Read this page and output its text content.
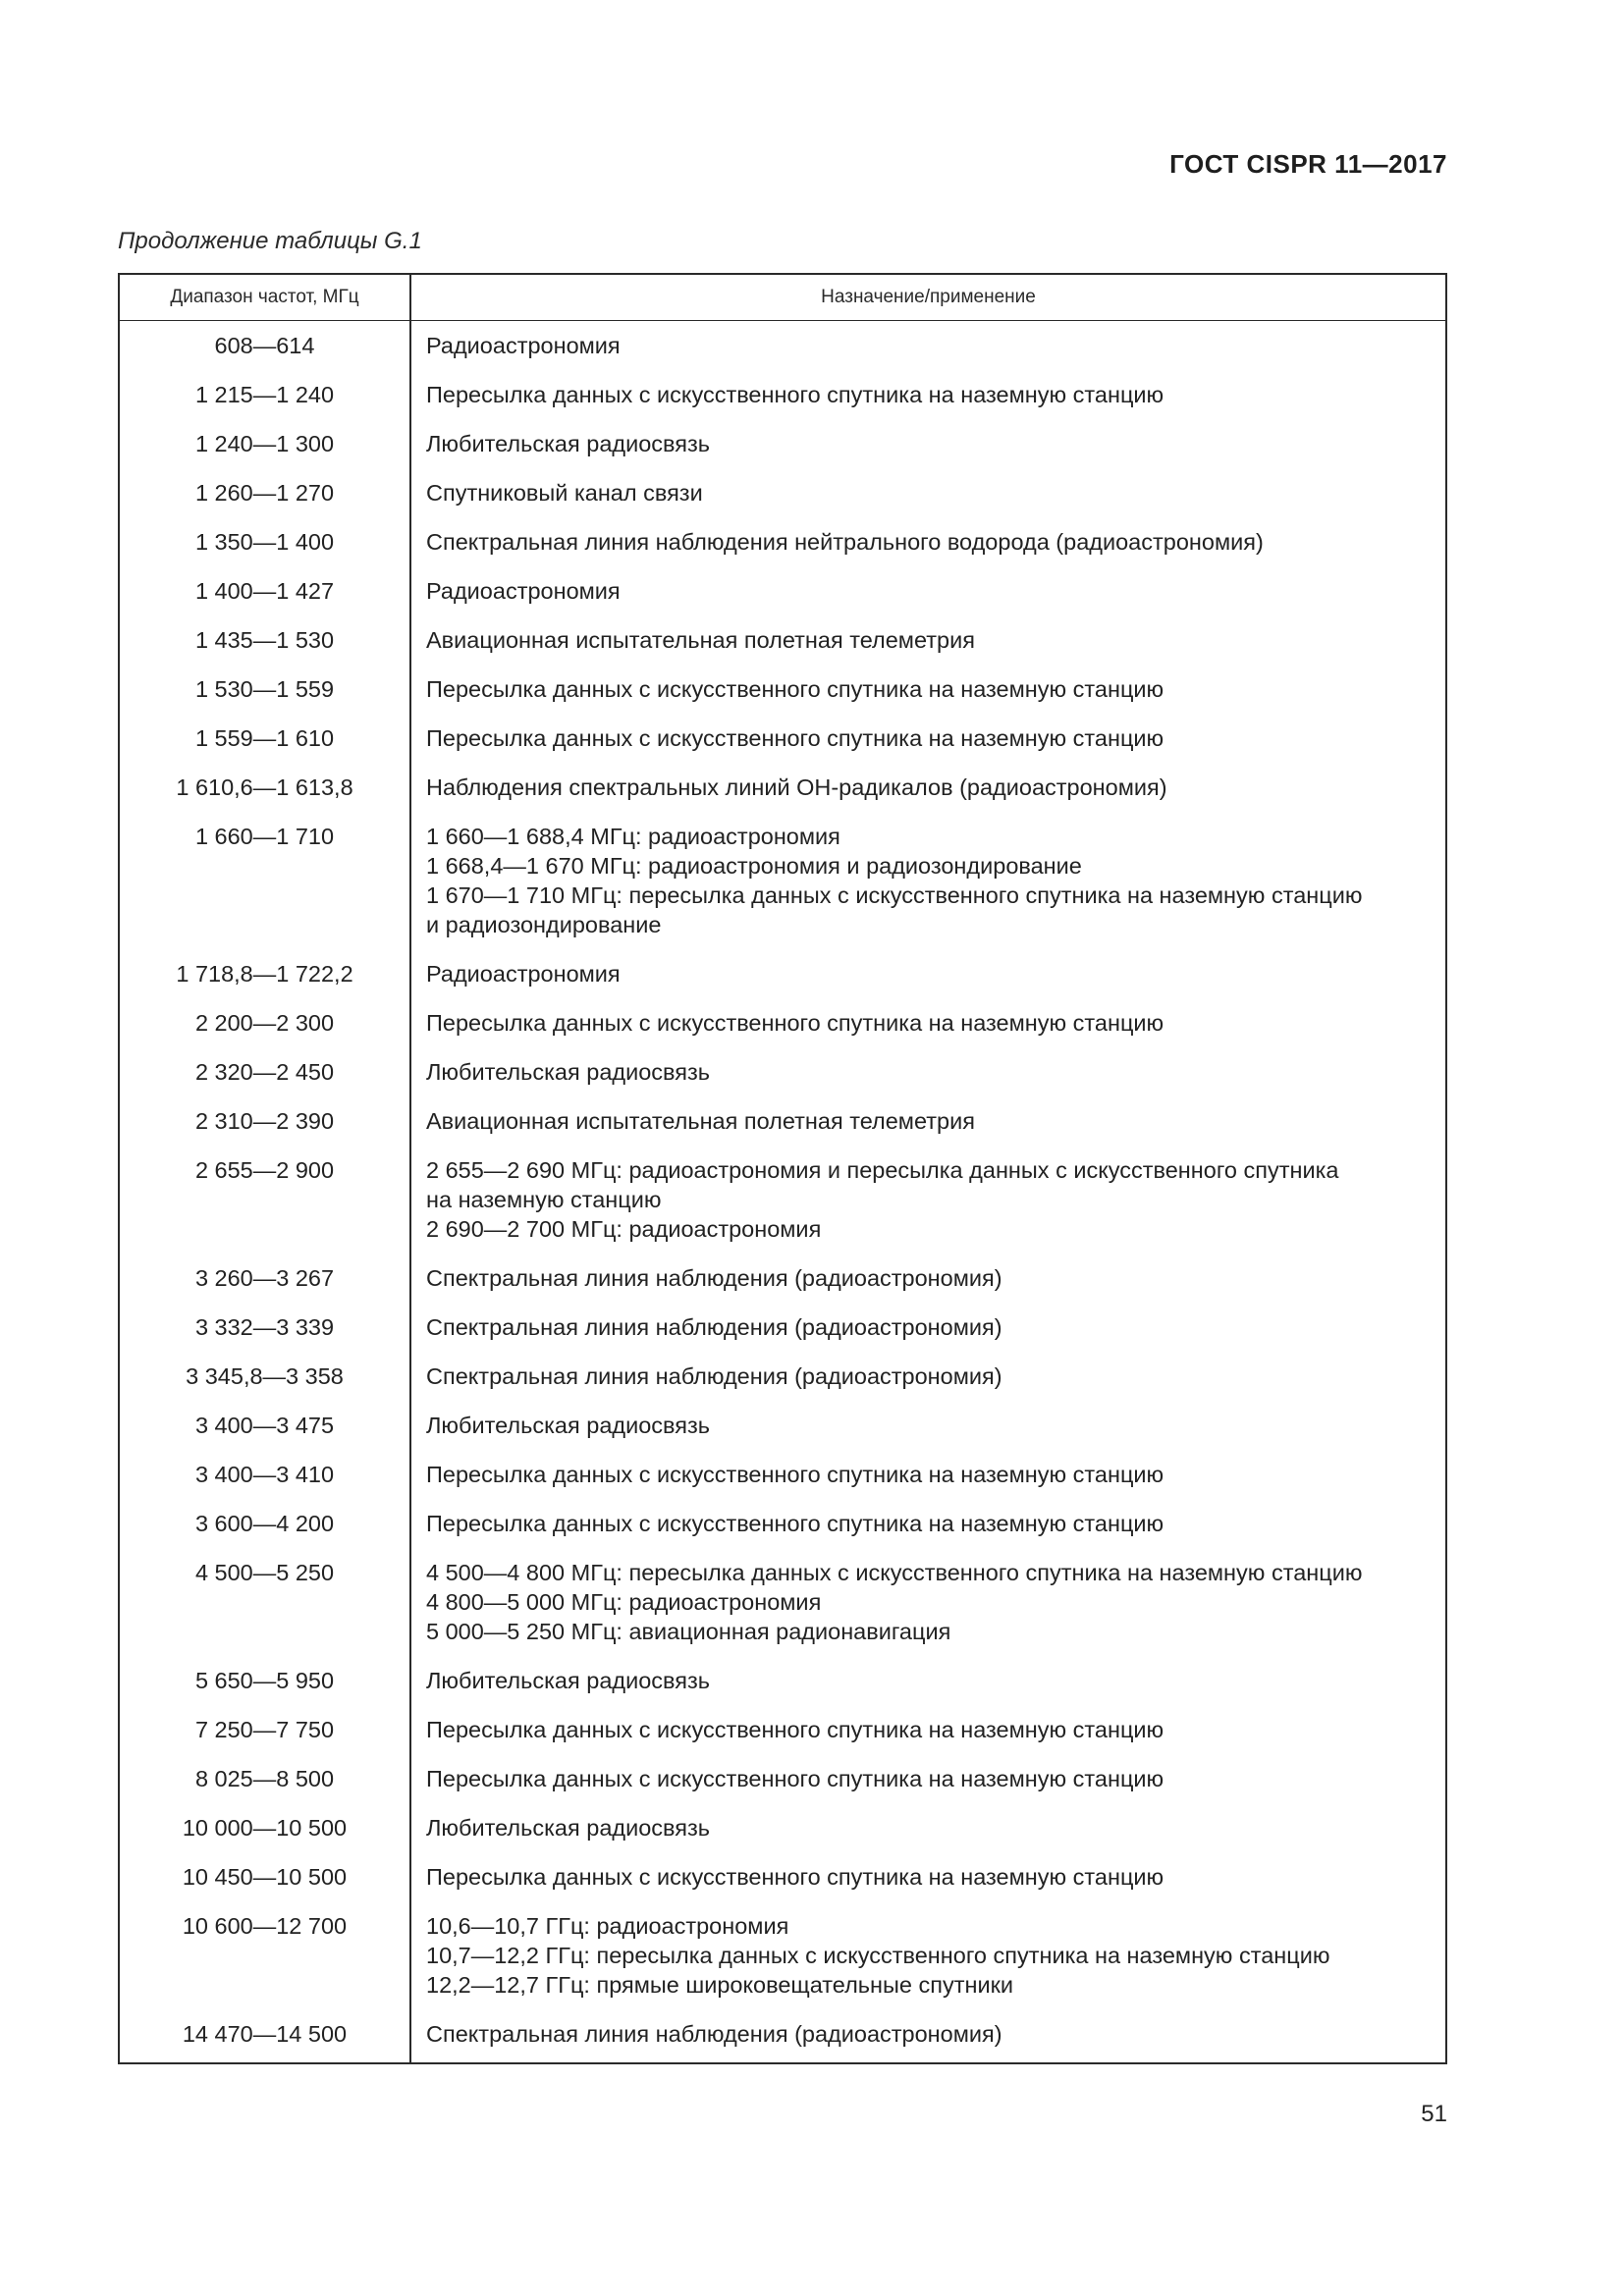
ГОСТ CISPR 11—2017
Продолжение таблицы G.1
Диапазон частот, МГц	Назначение/применение

608—614	Радиоастрономия

1 215—1 240	Пересылка данных с искусственного спутника на наземную станцию

1 240—1 300	Любительская радиосвязь

1 260—1 270	Спутниковый канал связи

1 350—1 400	Спектральная линия наблюдения нейтрального водорода (радиоастрономия)

1 400—1 427	Радиоастрономия

1 435—1 530	Авиационная испытательная полетная телеметрия

1 530—1 559	Пересылка данных с искусственного спутника на наземную станцию

1 559—1 610	Пересылка данных с искусственного спутника на наземную станцию

1 610,6—1 613,8	Наблюдения спектральных линий ОН-радикалов (радиоастрономия)

1 660—1 710	1 660—1 688,4 МГц: радиоастрономия
1 668,4—1 670 МГц: радиоастрономия и радиозондирование
1 670—1 710 МГц: пересылка данных с искусственного спутника на наземную станцию
и радиозондирование

1 718,8—1 722,2	Радиоастрономия

2 200—2 300	Пересылка данных с искусственного спутника на наземную станцию

2 320—2 450	Любительская радиосвязь

2 310—2 390	Авиационная испытательная полетная телеметрия

2 655—2 900	2 655—2 690 МГц: радиоастрономия и пересылка данных с искусственного спутника
на наземную станцию
2 690—2 700 МГц: радиоастрономия

3 260—3 267	Спектральная линия наблюдения (радиоастрономия)

3 332—3 339	Спектральная линия наблюдения (радиоастрономия)

3 345,8—3 358	Спектральная линия наблюдения (радиоастрономия)

3 400—3 475	Любительская радиосвязь

3 400—3 410	Пересылка данных с искусственного спутника на наземную станцию

3 600—4 200	Пересылка данных с искусственного спутника на наземную станцию

4 500—5 250	4 500—4 800 МГц: пересылка данных с искусственного спутника на наземную станцию
4 800—5 000 МГц: радиоастрономия
5 000—5 250 МГц: авиационная радионавигация

5 650—5 950	Любительская радиосвязь

7 250—7 750	Пересылка данных с искусственного спутника на наземную станцию

8 025—8 500	Пересылка данных с искусственного спутника на наземную станцию

10 000—10 500	Любительская радиосвязь

10 450—10 500	Пересылка данных с искусственного спутника на наземную станцию

10 600—12 700	10,6—10,7 ГГц: радиоастрономия
10,7—12,2 ГГц: пересылка данных с искусственного спутника на наземную станцию
12,2—12,7 ГГц: прямые широковещательные спутники

14 470—14 500	Спектральная линия наблюдения (радиоастрономия)
51
